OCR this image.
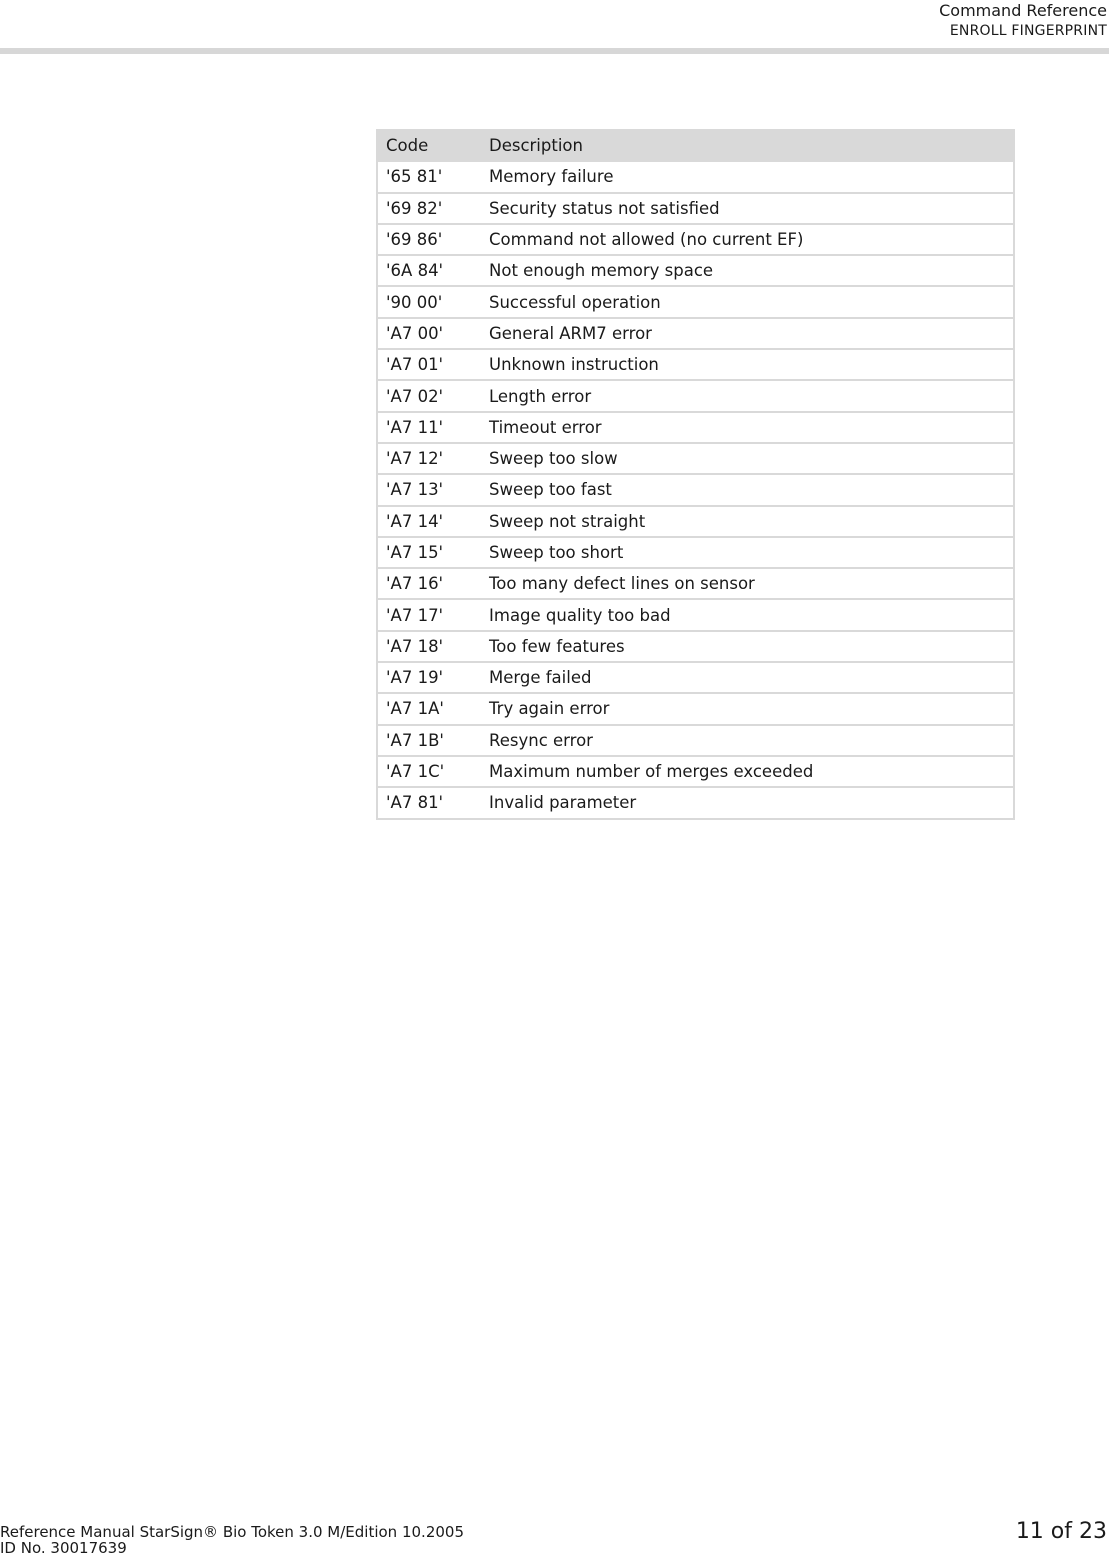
Command Reference
ENROLL FINGERPRINT
Code	Description
'65 81'	Memory failure
'69 82'	Security status not satisfied
'69 86'	Command not allowed (no current EF)
'6A 84'	Not enough memory space
'90 00'	Successful operation
'A7 00'	General ARM7 error
'A7 01'	Unknown instruction
'A7 02'	Length error
'A7 11'	Timeout error
'A7 12'	Sweep too slow
'A7 13'	Sweep too fast
'A7 14'	Sweep not straight
'A7 15'	Sweep too short
'A7 16'	Too many defect lines on sensor
'A7 17'	Image quality too bad
'A7 18'	Too few features
'A7 19'	Merge failed
'A7 1A'	Try again error
'A7 1B'	Resync error
'A7 1C'	Maximum number of merges exceeded
'A7 81'	Invalid parameter
Reference Manual StarSign® Bio Token 3.0 M/Edition 10.2005
ID No. 30017639
11 of 23
